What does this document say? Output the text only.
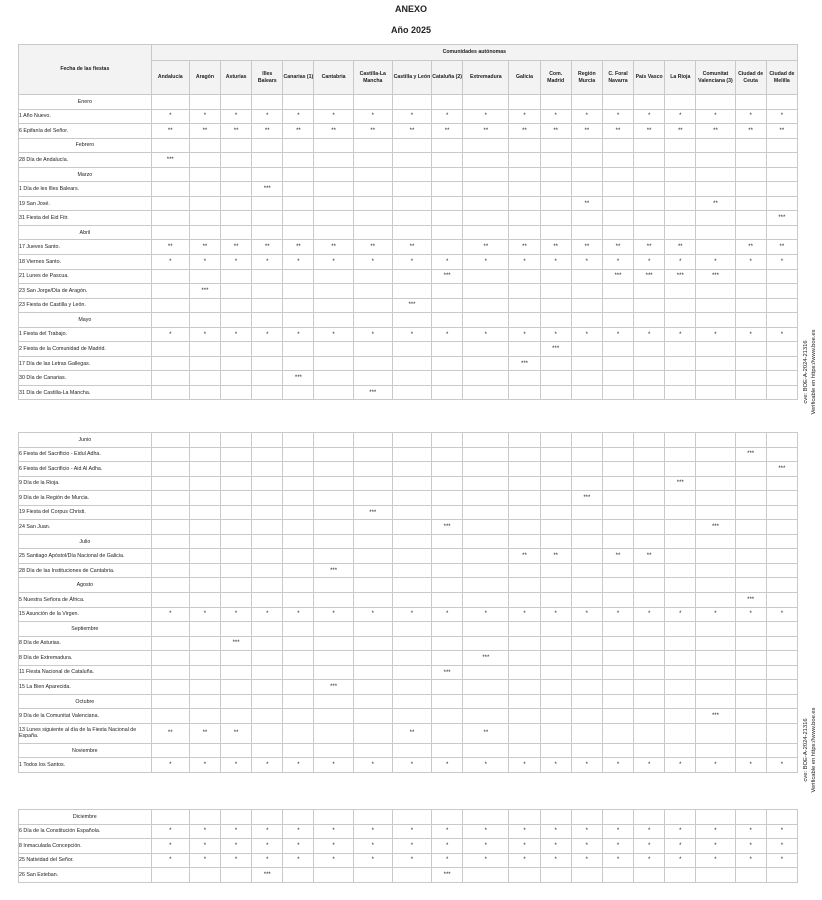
ANEXO
Año 2025
Fecha de las fiestas	Comunidades autónomas																		
	Andalucía	Aragón	Asturias	Illes Balears	Canarias (1)	Cantabria	Castilla-La Mancha	Castilla y León	Cataluña (2)	Extremadura	Galicia	Com. Madrid	Región Murcia	C. Foral Navarra	País Vasco	La Rioja	Comunitat Valenciana (3)	Ciudad de Ceuta	Ciudad de Melilla
Enero																			
1 Año Nuevo.	*	*	*	*	*	*	*	*	*	*	*	*	*	*	*	*	*	*	*
6 Epifanía del Señor.	**	**	**	**	**	**	**	**	**	**	**	**	**	**	**	**	**	**	**
Febrero																			
28 Día de Andalucía.	***																		
Marzo																			
1 Día de les Illes Balears.				***															
19 San José.													**				**		
31 Fiesta del Eid Fitr.																			***
Abril																			
17 Jueves Santo.	**	**	**	**	**	**	**	**		**	**	**	**	**	**	**		**	**
18 Viernes Santo.	*	*	*	*	*	*	*	*	*	*	*	*	*	*	*	*	*	*	*
21 Lunes de Pascua.									***					***	***	***	***		
23 San Jorge/Día de Aragón.		***																	
23 Fiesta de Castilla y León.								***											
Mayo																			
1 Fiesta del Trabajo.	*	*	*	*	*	*	*	*	*	*	*	*	*	*	*	*	*	*	*
2 Fiesta de la Comunidad de Madrid.												***							
17 Día de las Letras Gallegas.											***								
30 Día de Canarias.					***														
31 Día de Castilla-La Mancha.							***												
Junio																			
6 Fiesta del Sacrificio - Eidul Adha.																		***	
6 Fiesta del Sacrificio - Aid Al Adha.																			***
9 Día de la Rioja.																***			
9 Día de la Región de Murcia.													***						
19 Fiesta del Corpus Christi.							***												
24 San Juan.									***								***		
Julio																			
25 Santiago Apóstol/Día Nacional de Galicia.											**	**		**	**				
28 Día de las Instituciones de Cantabria.						***													
Agosto																			
5 Nuestra Señora de África.																		***	
15 Asunción de la Virgen.	*	*	*	*	*	*	*	*	*	*	*	*	*	*	*	*	*	*	*
Septiembre																			
8 Día de Asturias.			***																
8 Día de Extremadura.										***									
11 Fiesta Nacional de Cataluña.									***										
15 La Bien Aparecida.						***													
Octubre																			
9 Día de la Comunitat Valenciana.																	***		
13 Lunes siguiente al día de la Fiesta Nacional de España.	**	**	**					**		**									
Noviembre																			
1 Todos los Santos.	*	*	*	*	*	*	*	*	*	*	*	*	*	*	*	*	*	*	*
Diciembre																			
6 Día de la Constitución Española.	*	*	*	*	*	*	*	*	*	*	*	*	*	*	*	*	*	*	*
8 Inmaculada Concepción.	*	*	*	*	*	*	*	*	*	*	*	*	*	*	*	*	*	*	*
25 Natividad del Señor.	*	*	*	*	*	*	*	*	*	*	*	*	*	*	*	*	*	*	*
26 San Esteban.				***					***										
cve: BOE-A-2024-21316 Verificable en https://www.boe.es
cve: BOE-A-2024-21316 Verificable en https://www.boe.es
